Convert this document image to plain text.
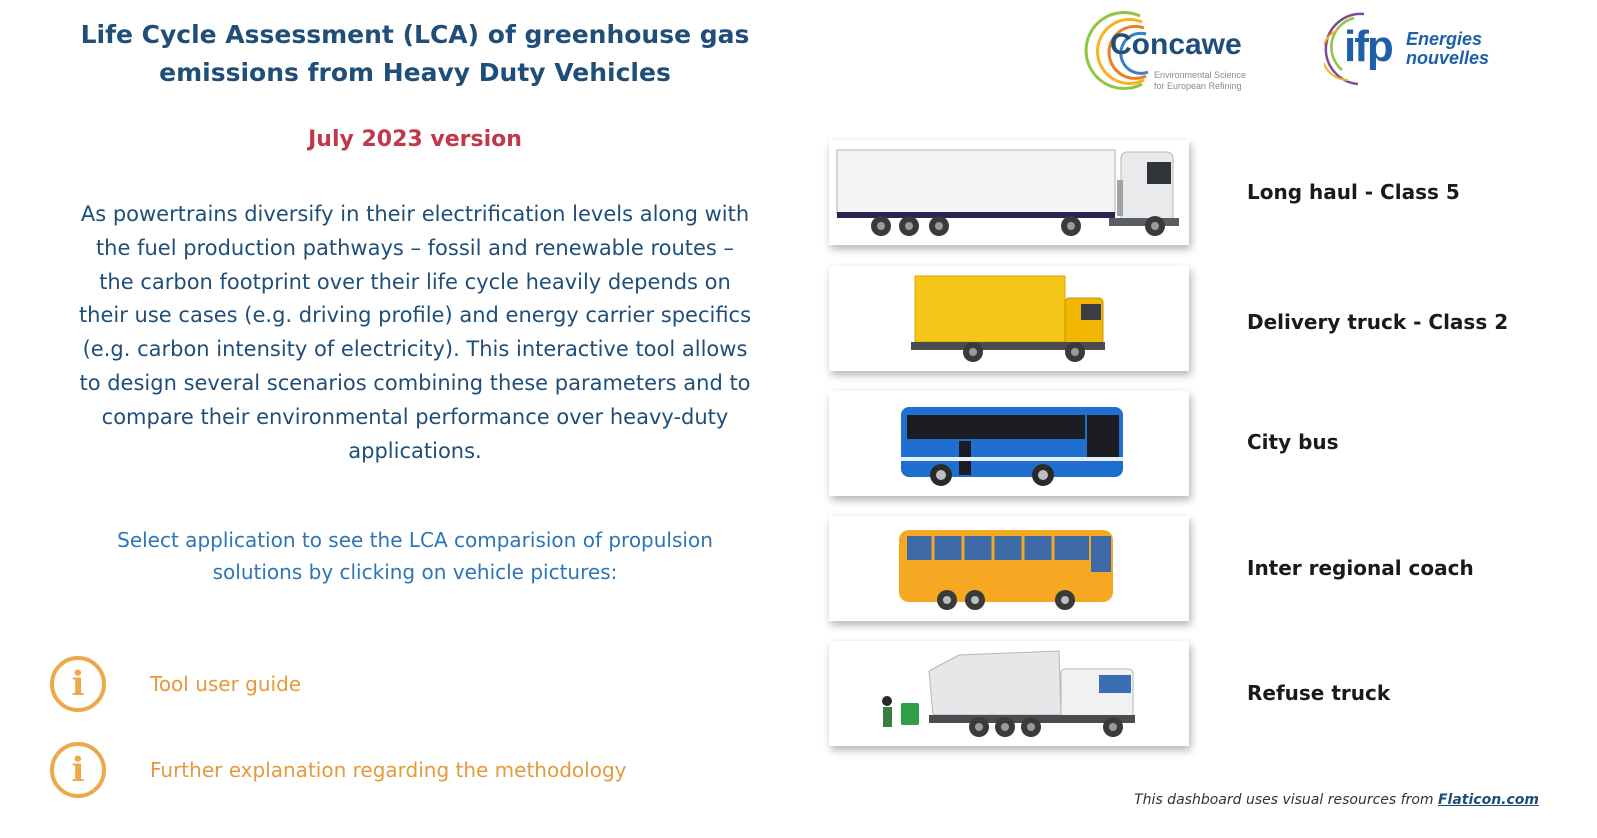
Life Cycle Assessment (LCA) of greenhouse gas
emissions from Heavy Duty Vehicles
July 2023 version
As powertrains diversify in their electrification levels along with
the fuel production pathways – fossil and renewable routes –
the carbon footprint over their life cycle heavily depends on
their use cases (e.g. driving profile) and energy carrier specifics
(e.g. carbon intensity of electricity). This interactive tool allows
to design several scenarios combining these parameters and to
compare their environmental performance over heavy-duty
applications.
Select application to see the LCA comparision of propulsion
solutions by clicking on vehicle pictures:
i	Tool user guide
i	Further explanation regarding the methodology
Concawe
Environmental Science
for European Refining
ifp Energies
nouvelles
Long haul - Class 5
Delivery truck - Class 2
City bus
Inter regional coach
Refuse truck
This dashboard uses visual resources from Flaticon.com
